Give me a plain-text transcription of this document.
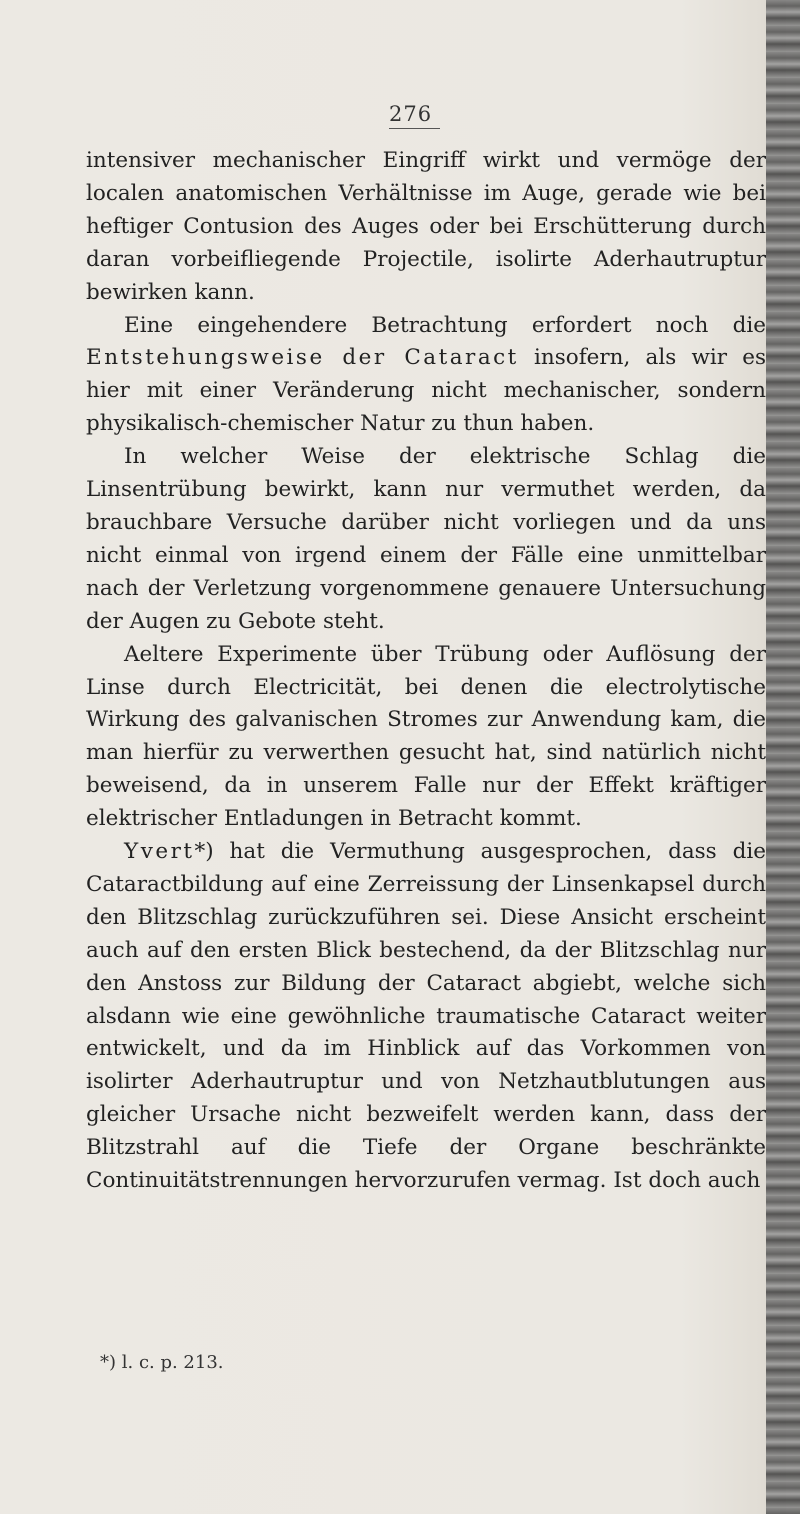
276

intensiver mechanischer Eingriff wirkt und vermöge der localen anatomischen Verhältnisse im Auge, gerade wie bei heftiger Contusion des Auges oder bei Erschütterung durch daran vorbeifliegende Projectile, isolirte Aderhautruptur bewirken kann.

Eine eingehendere Betrachtung erfordert noch die Entstehungsweise der Cataract insofern, als wir es hier mit einer Veränderung nicht mechanischer, sondern physikalisch-chemischer Natur zu thun haben.

In welcher Weise der elektrische Schlag die Linsentrübung bewirkt, kann nur vermuthet werden, da brauchbare Versuche darüber nicht vorliegen und da uns nicht einmal von irgend einem der Fälle eine unmittelbar nach der Verletzung vorgenommene genauere Untersuchung der Augen zu Gebote steht.

Aeltere Experimente über Trübung oder Auflösung der Linse durch Electricität, bei denen die electrolytische Wirkung des galvanischen Stromes zur Anwendung kam, die man hierfür zu verwerthen gesucht hat, sind natürlich nicht beweisend, da in unserem Falle nur der Effekt kräftiger elektrischer Entladungen in Betracht kommt.

Yvert*) hat die Vermuthung ausgesprochen, dass die Cataractbildung auf eine Zerreissung der Linsenkapsel durch den Blitzschlag zurückzuführen sei. Diese Ansicht erscheint auch auf den ersten Blick bestechend, da der Blitzschlag nur den Anstoss zur Bildung der Cataract abgiebt, welche sich alsdann wie eine gewöhnliche traumatische Cataract weiter entwickelt, und da im Hinblick auf das Vorkommen von isolirter Aderhautruptur und von Netzhautblutungen aus gleicher Ursache nicht bezweifelt werden kann, dass der Blitzstrahl auf die Tiefe der Organe beschränkte Continuitätstrennungen hervorzurufen vermag. Ist doch auch

*) l. c. p. 213.
